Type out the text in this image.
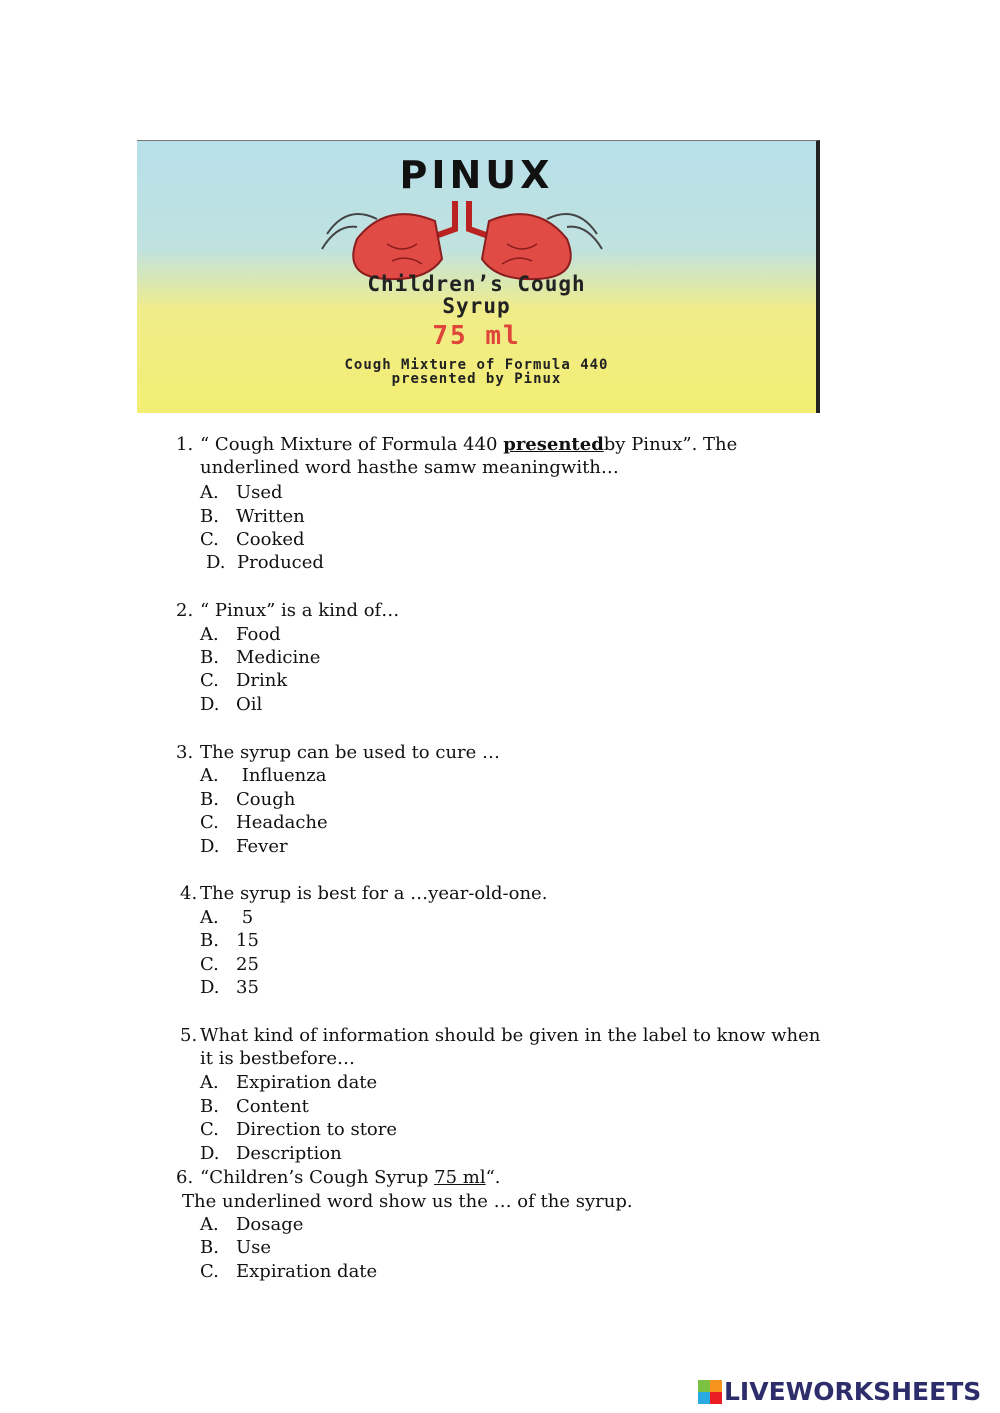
PINUX
Children’s Cough
Syrup
75 ml
Cough Mixture of Formula 440
presented by Pinux
1. “ Cough Mixture of Formula 440 presentedby Pinux”. The underlined word hasthe samw meaningwith…
A. Used
B. Written
C. Cooked
D. Produced
2. “ Pinux” is a kind of…
A. Food
B. Medicine
C. Drink
D. Oil
3. The syrup can be used to cure …
A. Influenza
B. Cough
C. Headache
D. Fever
4. The syrup is best for a …year-old-one.
A. 5
B. 15
C. 25
D. 35
5. What kind of information should be given in the label to know when it is bestbefore…
A. Expiration date
B. Content
C. Direction to store
D. Description
6. “Children’s Cough Syrup 75 ml“.
The underlined word show us the … of the syrup.
A. Dosage
B. Use
C. Expiration date
LIVEWORKSHEETS
